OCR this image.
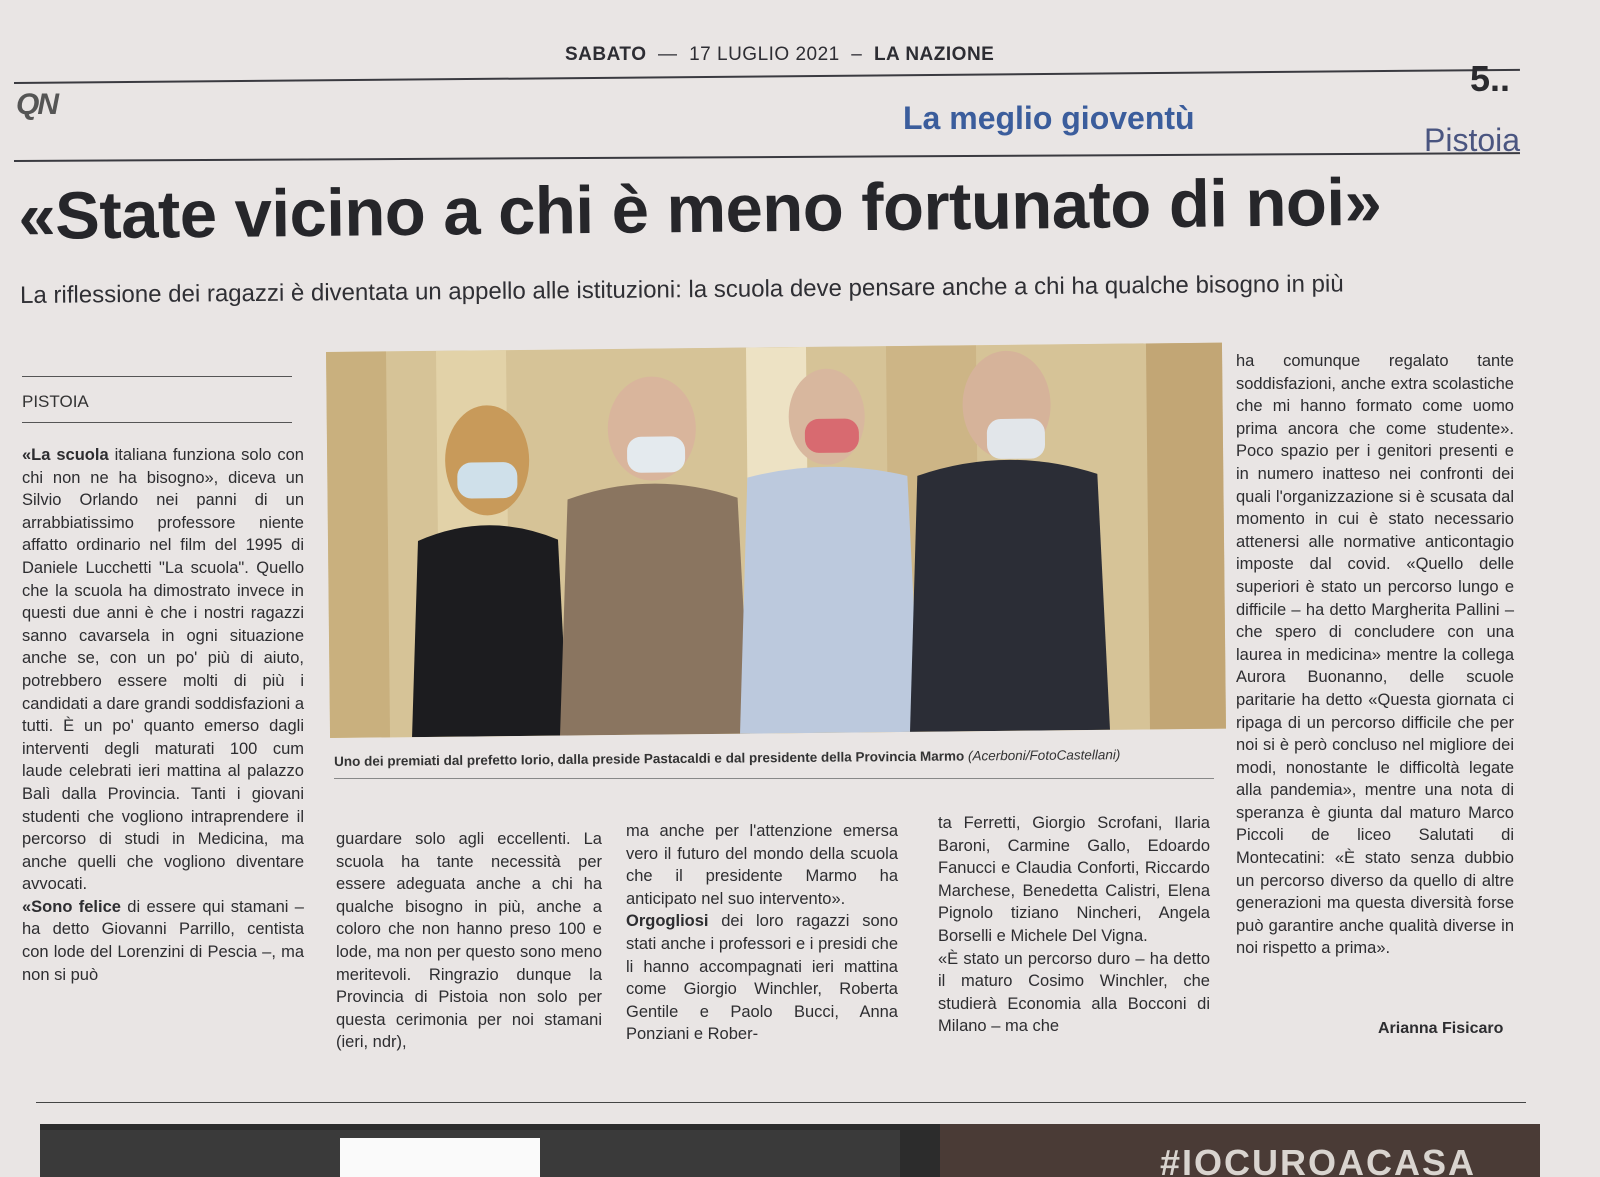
SABATO  —  17 LUGLIO 2021  –  LA NAZIONE
QN
5..
La meglio gioventù
Pistoia
«State vicino a chi è meno fortunato di noi»
La riflessione dei ragazzi è diventata un appello alle istituzioni: la scuola deve pensare anche a chi ha qualche bisogno in più
PISTOIA

«La scuola italiana funziona solo con chi non ne ha bisogno», diceva un Silvio Orlando nei panni di un arrabbiatissimo professore niente affatto ordinario nel film del 1995 di Daniele Lucchetti "La scuola". Quello che la scuola ha dimostrato invece in questi due anni è che i nostri ragazzi sanno cavarsela in ogni situazione anche se, con un po' più di aiuto, potrebbero essere molti di più i candidati a dare grandi soddisfazioni a tutti. È un po' quanto emerso dagli interventi degli maturati 100 cum laude celebrati ieri mattina al palazzo Balì dalla Provincia. Tanti i giovani studenti che vogliono intraprendere il percorso di studi in Medicina, ma anche quelli che vogliono diventare avvocati.

«Sono felice di essere qui stamani – ha detto Giovanni Parrillo, centista con lode del Lorenzini di Pescia –, ma non si può

Uno dei premiati dal prefetto Iorio, dalla preside Pastacaldi e dal presidente della Provincia Marmo (Acerboni/FotoCastellani)

guardare solo agli eccellenti. La scuola ha tante necessità per essere adeguata anche a chi ha qualche bisogno in più, anche a coloro che non hanno preso 100 e lode, ma non per questo sono meno meritevoli. Ringrazio dunque la Provincia di Pistoia non solo per questa cerimonia per noi stamani (ieri, ndr),

ma anche per l'attenzione emersa vero il futuro del mondo della scuola che il presidente Marmo ha anticipato nel suo intervento».

Orgogliosi dei loro ragazzi sono stati anche i professori e i presidi che li hanno accompagnati ieri mattina come Giorgio Winchler, Roberta Gentile e Paolo Bucci, Anna Ponziani e Rober-

ta Ferretti, Giorgio Scrofani, Ilaria Baroni, Carmine Gallo, Edoardo Fanucci e Claudia Conforti, Riccardo Marchese, Benedetta Calistri, Elena Pignolo tiziano Nincheri, Angela Borselli e Michele Del Vigna.

«È stato un percorso duro – ha detto il maturo Cosimo Winchler, che studierà Economia alla Bocconi di Milano – ma che

ha comunque regalato tante soddisfazioni, anche extra scolastiche che mi hanno formato come uomo prima ancora che come studente». Poco spazio per i genitori presenti e in numero inatteso nei confronti dei quali l'organizzazione si è scusata dal momento in cui è stato necessario attenersi alle normative anticontagio imposte dal covid. «Quello delle superiori è stato un percorso lungo e difficile – ha detto Margherita Pallini – che spero di concludere con una laurea in medicina» mentre la collega Aurora Buonanno, delle scuole paritarie ha detto «Questa giornata ci ripaga di un percorso difficile che per noi si è però concluso nel migliore dei modi, nonostante le difficoltà legate alla pandemia», mentre una nota di speranza è giunta dal maturo Marco Piccoli de liceo Salutati di Montecatini: «È stato senza dubbio un percorso diverso da quello di altre generazioni ma questa diversità forse può garantire anche qualità diverse in noi rispetto a prima».

Arianna Fisicaro
#IOCUROACASA
